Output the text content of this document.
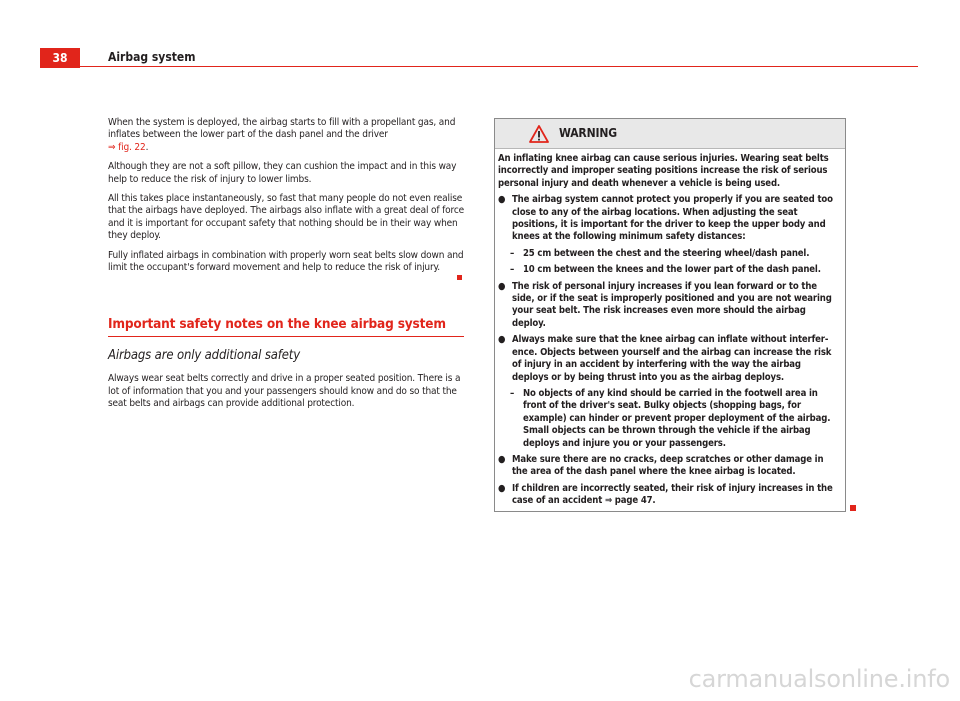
38	Airbag system

When the system is deployed, the airbag starts to fill with a propellant gas, and inflates between the lower part of the dash panel and the driver
⇒ fig. 22.

Although they are not a soft pillow, they can cushion the impact and in this way help to reduce the risk of injury to lower limbs.

All this takes place instantaneously, so fast that many people do not even realise that the airbags have deployed. The airbags also inflate with a great deal of force and it is important for occupant safety that nothing should be in their way when they deploy.

Fully inflated airbags in combination with properly worn seat belts slow down and limit the occupant's forward movement and help to reduce the risk of injury.

Important safety notes on the knee airbag system
Airbags are only additional safety

Always wear seat belts correctly and drive in a proper seated position. There is a lot of information that you and your passengers should know and do so that the seat belts and airbags can provide additional protection.

WARNING

An inflating knee airbag can cause serious injuries. Wearing seat belts incorrectly and improper seating positions increase the risk of serious personal injury and death whenever a vehicle is being used.

● The airbag system cannot protect you properly if you are seated too close to any of the airbag locations. When adjusting the seat positions, it is important for the driver to keep the upper body and knees at the following minimum safety distances:
– 25 cm between the chest and the steering wheel/dash panel.
– 10 cm between the knees and the lower part of the dash panel.
● The risk of personal injury increases if you lean forward or to the side, or if the seat is improperly positioned and you are not wearing your seat belt. The risk increases even more should the airbag deploy.
● Always make sure that the knee airbag can inflate without interference. Objects between yourself and the airbag can increase the risk of injury in an accident by interfering with the way the airbag deploys or by being thrust into you as the airbag deploys.
– No objects of any kind should be carried in the footwell area in front of the driver's seat. Bulky objects (shopping bags, for example) can hinder or prevent proper deployment of the airbag. Small objects can be thrown through the vehicle if the airbag deploys and injure you or your passengers.
● Make sure there are no cracks, deep scratches or other damage in the area of the dash panel where the knee airbag is located.
● If children are incorrectly seated, their risk of injury increases in the case of an accident ⇒ page 47.
carmanualsonline.info
